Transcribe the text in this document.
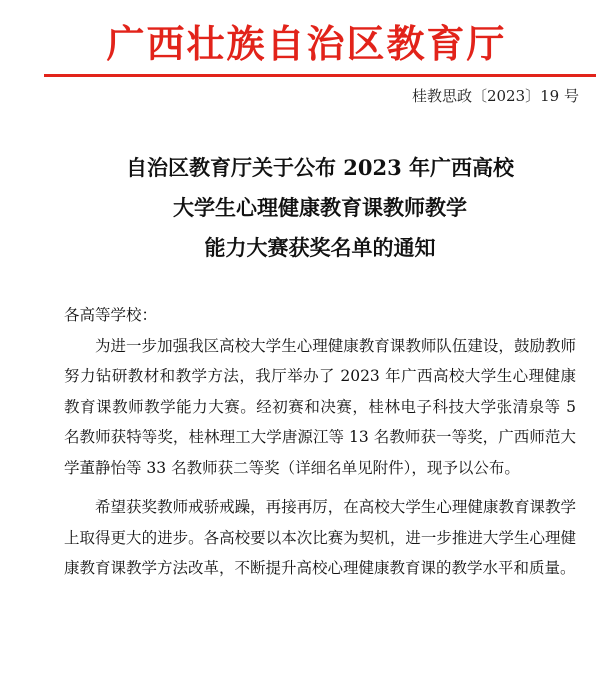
广西壮族自治区教育厅
桂教思政〔2023〕19 号
自治区教育厅关于公布 2023 年广西高校
大学生心理健康教育课教师教学
能力大赛获奖名单的通知

各高等学校：

为进一步加强我区高校大学生心理健康教育课教师队伍建设，鼓励教师努力钻研教材和教学方法，我厅举办了 2023 年广西高校大学生心理健康教育课教师教学能力大赛。经初赛和决赛，桂林电子科技大学张清泉等 5 名教师获特等奖，桂林理工大学唐源江等 13 名教师获一等奖，广西师范大学董静怡等 33 名教师获二等奖（详细名单见附件），现予以公布。

希望获奖教师戒骄戒躁，再接再厉，在高校大学生心理健康教育课教学上取得更大的进步。各高校要以本次比赛为契机，进一步推进大学生心理健康教育课教学方法改革，不断提升高校心理健康教育课的教学水平和质量。
